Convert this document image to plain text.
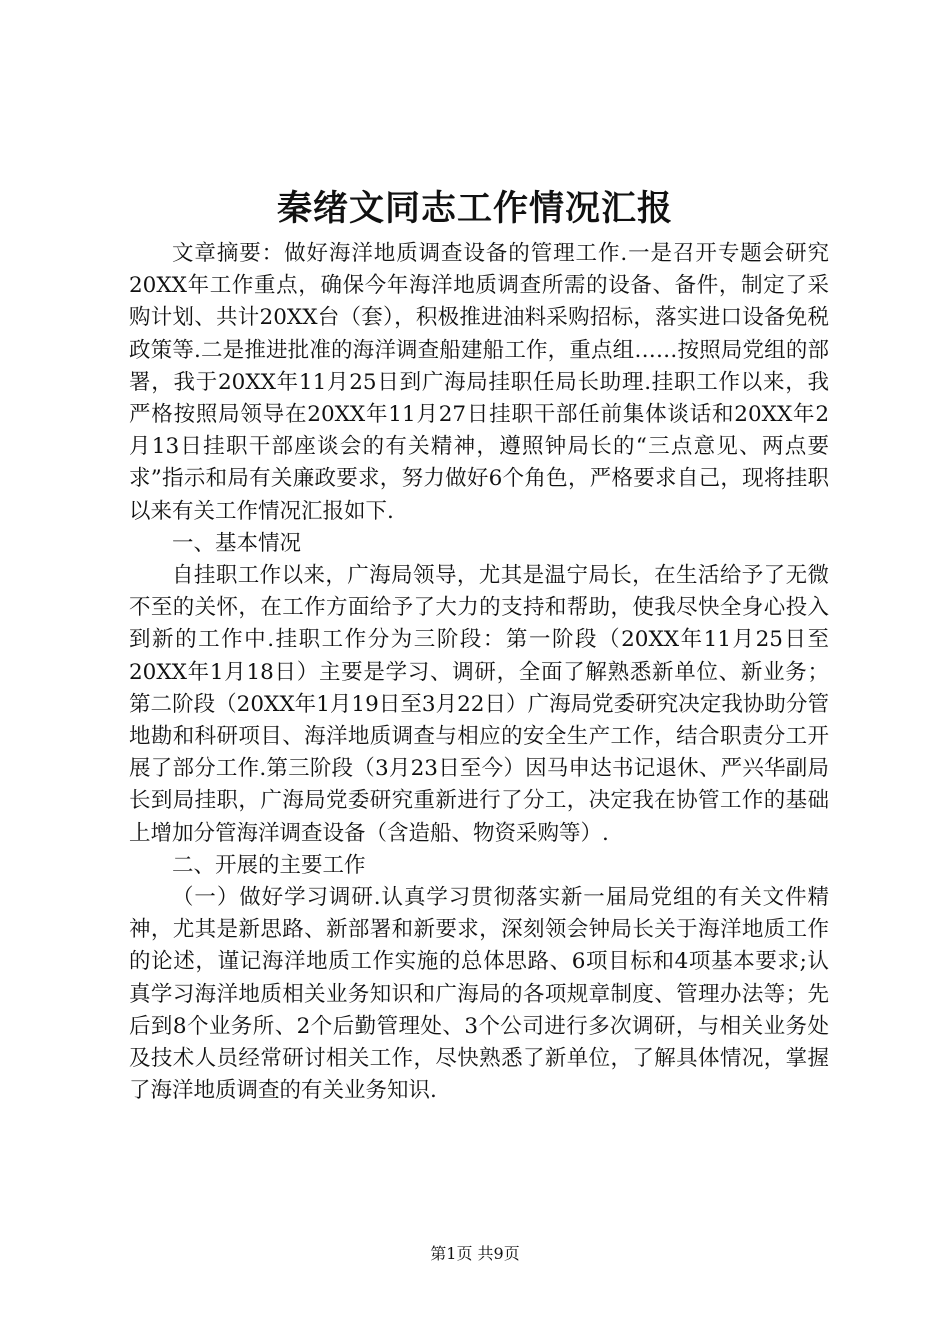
秦绪文同志工作情况汇报

文章摘要：做好海洋地质调查设备的管理工作.一是召开专题会研究20XX年工作重点，确保今年海洋地质调查所需的设备、备件，制定了采购计划、共计20XX台（套），积极推进油料采购招标，落实进口设备免税政策等.二是推进批准的海洋调查船建船工作，重点组……按照局党组的部署，我于20XX年11月25日到广海局挂职任局长助理.挂职工作以来，我严格按照局领导在20XX年11月27日挂职干部任前集体谈话和20XX年2月13日挂职干部座谈会的有关精神，遵照钟局长的“三点意见、两点要求”指示和局有关廉政要求，努力做好6个角色，严格要求自己，现将挂职以来有关工作情况汇报如下.

一、基本情况

自挂职工作以来，广海局领导，尤其是温宁局长，在生活给予了无微不至的关怀，在工作方面给予了大力的支持和帮助，使我尽快全身心投入到新的工作中.挂职工作分为三阶段：第一阶段（20XX年11月25日至20XX年1月18日）主要是学习、调研，全面了解熟悉新单位、新业务；第二阶段（20XX年1月19日至3月22日）广海局党委研究决定我协助分管地勘和科研项目、海洋地质调查与相应的安全生产工作，结合职责分工开展了部分工作.第三阶段（3月23日至今）因马申达书记退休、严兴华副局长到局挂职，广海局党委研究重新进行了分工，决定我在协管工作的基础上增加分管海洋调查设备（含造船、物资采购等）.

二、开展的主要工作

（一）做好学习调研.认真学习贯彻落实新一届局党组的有关文件精神，尤其是新思路、新部署和新要求，深刻领会钟局长关于海洋地质工作的论述，谨记海洋地质工作实施的总体思路、6项目标和4项基本要求;认真学习海洋地质相关业务知识和广海局的各项规章制度、管理办法等；先后到8个业务所、2个后勤管理处、3个公司进行多次调研，与相关业务处及技术人员经常研讨相关工作，尽快熟悉了新单位，了解具体情况，掌握了海洋地质调查的有关业务知识.

第1页 共9页
